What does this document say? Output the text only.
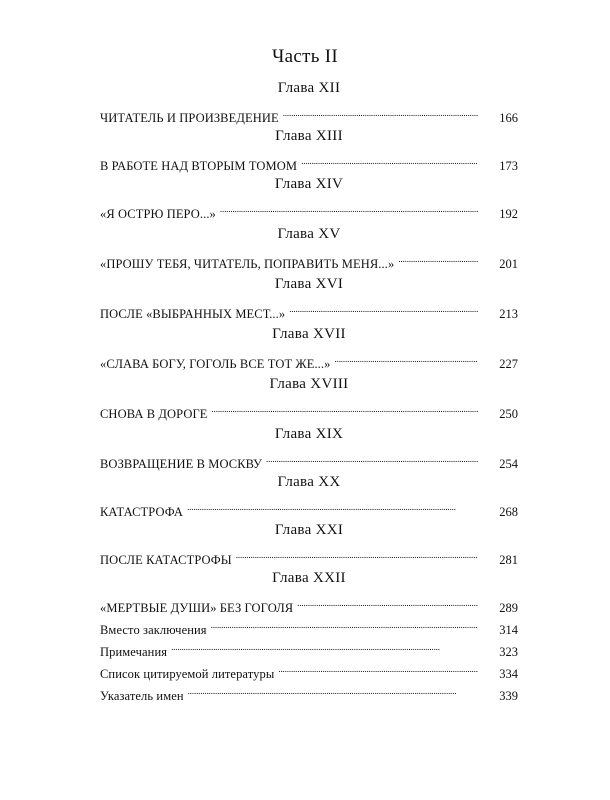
Часть II
Глава XII
ЧИТАТЕЛЬ И ПРОИЗВЕДЕНИЕ . . .	166
Глава XIII
В РАБОТЕ НАД ВТОРЫМ ТОМОМ . . .	173
Глава XIV
«Я ОСТРЮ ПЕРО...» . . .	192
Глава XV
«ПРОШУ ТЕБЯ, ЧИТАТЕЛЬ, ПОПРАВИТЬ МЕНЯ...» . . .	201
Глава XVI
ПОСЛЕ «ВЫБРАННЫХ МЕСТ...» . . .	213
Глава XVII
«СЛАВА БОГУ, ГОГОЛЬ ВСЕ ТОТ ЖЕ...» . . .	227
Глава XVIII
СНОВА В ДОРОГЕ . . .	250
Глава XIX
ВОЗВРАЩЕНИЕ В МОСКВУ . . .	254
Глава XX
КАТАСТРОФА . . .	268
Глава XXI
ПОСЛЕ КАТАСТРОФЫ . . .	281
Глава XXII
«МЕРТВЫЕ ДУШИ» БЕЗ ГОГОЛЯ . . .	289
Вместо заключения . . .	314
Примечания . . .	323
Список цитируемой литературы . . .	334
Указатель имен . . .	339
